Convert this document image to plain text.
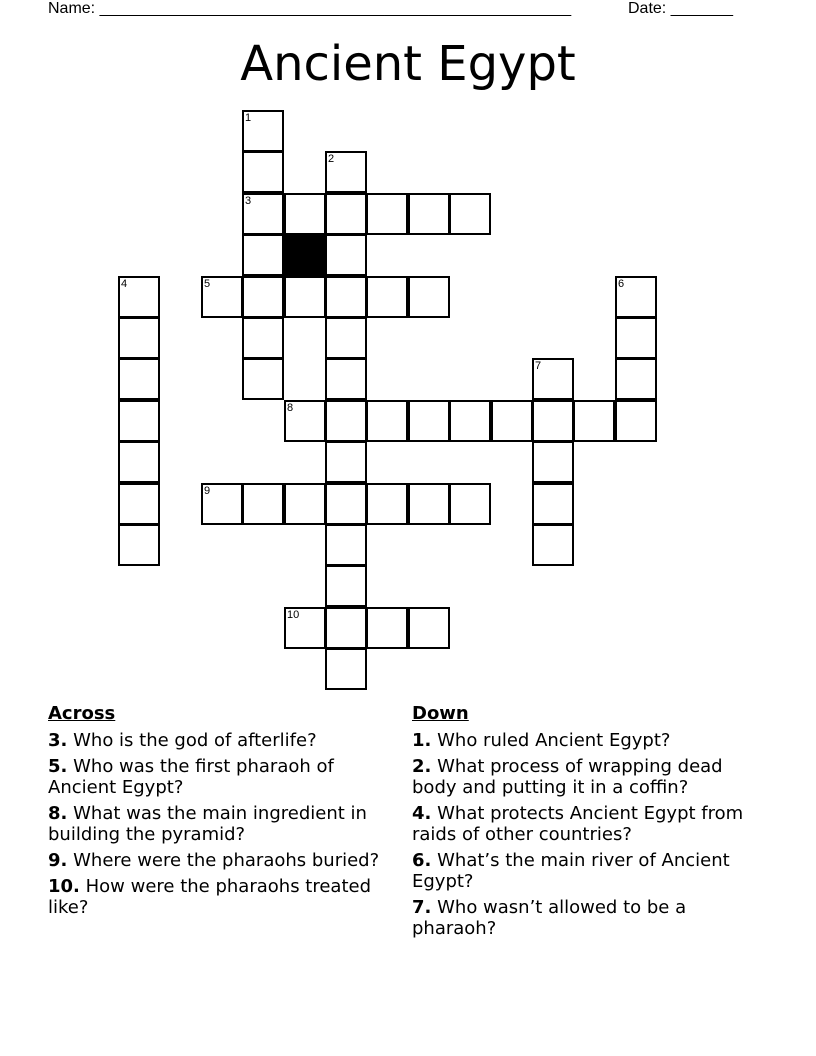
Name: _____________________________________________________	Date: _______
Ancient Egypt
1
2
3
4	5	6
7
8
9
10
Across
3. Who is the god of afterlife?
5. Who was the first pharaoh of Ancient Egypt?
8. What was the main ingredient in building the pyramid?
9. Where were the pharaohs buried?
10. How were the pharaohs treated like?
Down
1. Who ruled Ancient Egypt?
2. What process of wrapping dead body and putting it in a coffin?
4. What protects Ancient Egypt from raids of other countries?
6. What’s the main river of Ancient Egypt?
7. Who wasn’t allowed to be a pharaoh?
